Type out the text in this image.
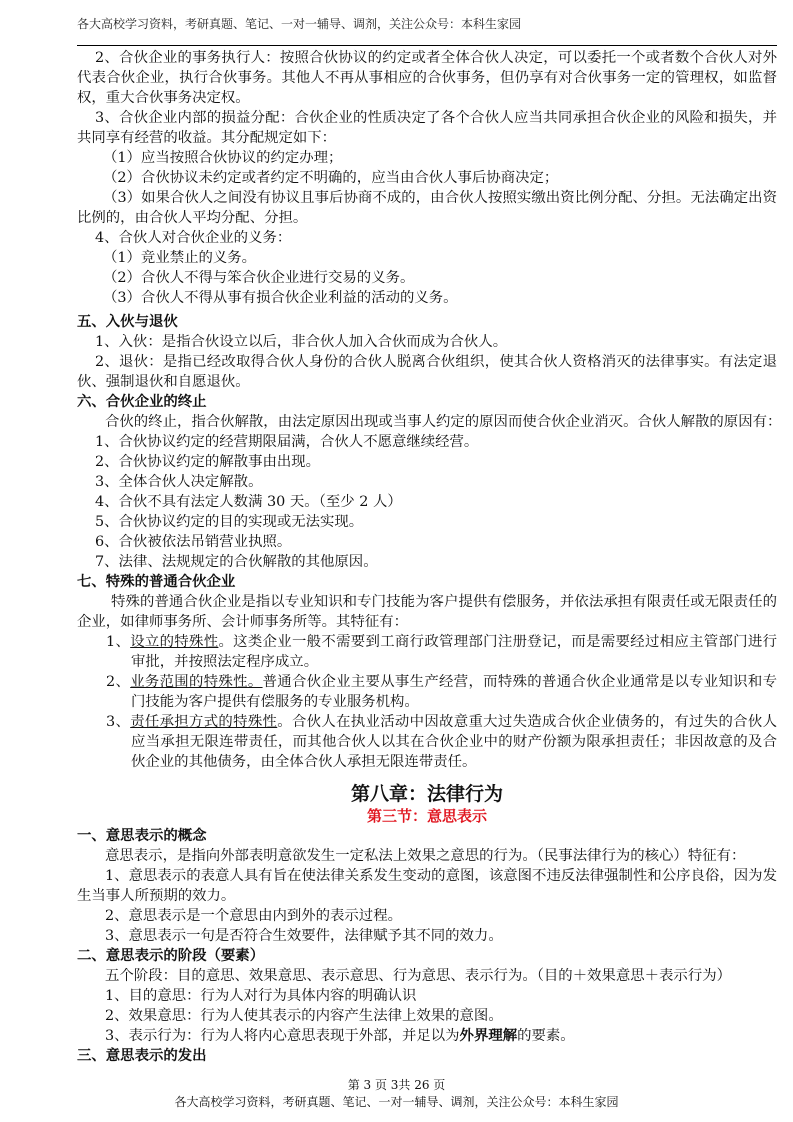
各大高校学习资料，考研真题、笔记、一对一辅导、调剂，关注公众号：本科生家园
2、合伙企业的事务执行人：按照合伙协议的约定或者全体合伙人决定，可以委托一个或者数个合伙人对外
代表合伙企业，执行合伙事务。其他人不再从事相应的合伙事务，但仍享有对合伙事务一定的管理权，如监督
权，重大合伙事务决定权。
3、合伙企业内部的损益分配：合伙企业的性质决定了各个合伙人应当共同承担合伙企业的风险和损失，并
共同享有经营的收益。其分配规定如下：
（1）应当按照合伙协议的约定办理；
（2）合伙协议未约定或者约定不明确的，应当由合伙人事后协商决定；
（3）如果合伙人之间没有协议且事后协商不成的，由合伙人按照实缴出资比例分配、分担。无法确定出资
比例的，由合伙人平均分配、分担。
4、合伙人对合伙企业的义务：
（1）竞业禁止的义务。
（2）合伙人不得与笨合伙企业进行交易的义务。
（3）合伙人不得从事有损合伙企业利益的活动的义务。
五、入伙与退伙
1、入伙：是指合伙设立以后，非合伙人加入合伙而成为合伙人。
2、退伙：是指已经改取得合伙人身份的合伙人脱离合伙组织，使其合伙人资格消灭的法律事实。有法定退
伙、强制退伙和自愿退伙。
六、合伙企业的终止
合伙的终止，指合伙解散，由法定原因出现或当事人约定的原因而使合伙企业消灭。合伙人解散的原因有：
1、合伙协议约定的经营期限届满，合伙人不愿意继续经营。
2、合伙协议约定的解散事由出现。
3、全体合伙人决定解散。
4、合伙不具有法定人数满 30 天。（至少 2 人）
5、合伙协议约定的目的实现或无法实现。
6、合伙被依法吊销营业执照。
7、法律、法规规定的合伙解散的其他原因。
七、特殊的普通合伙企业
特殊的普通合伙企业是指以专业知识和专门技能为客户提供有偿服务，并依法承担有限责任或无限责任的
企业，如律师事务所、会计师事务所等。其特征有：
1、设立的特殊性。这类企业一般不需要到工商行政管理部门注册登记，而是需要经过相应主管部门进行
审批，并按照法定程序成立。
2、业务范围的特殊性。普通合伙企业主要从事生产经营，而特殊的普通合伙企业通常是以专业知识和专
门技能为客户提供有偿服务的专业服务机构。
3、责任承担方式的特殊性。合伙人在执业活动中因故意重大过失造成合伙企业债务的，有过失的合伙人
应当承担无限连带责任，而其他合伙人以其在合伙企业中的财产份额为限承担责任；非因故意的及合
伙企业的其他债务，由全体合伙人承担无限连带责任。
第八章：法律行为
第三节：意思表示
一、意思表示的概念
意思表示，是指向外部表明意欲发生一定私法上效果之意思的行为。（民事法律行为的核心）特征有：
1、意思表示的表意人具有旨在使法律关系发生变动的意图，该意图不违反法律强制性和公序良俗，因为发
生当事人所预期的效力。
2、意思表示是一个意思由内到外的表示过程。
3、意思表示一句是否符合生效要件，法律赋予其不同的效力。
二、意思表示的阶段（要素）
五个阶段：目的意思、效果意思、表示意思、行为意思、表示行为。（目的＋效果意思＋表示行为）
1、目的意思：行为人对行为具体内容的明确认识
2、效果意思：行为人使其表示的内容产生法律上效果的意图。
3、表示行为：行为人将内心意思表现于外部，并足以为外界理解的要素。
三、意思表示的发出
第 3 页 3共 26 页
各大高校学习资料，考研真题、笔记、一对一辅导、调剂，关注公众号：本科生家园
